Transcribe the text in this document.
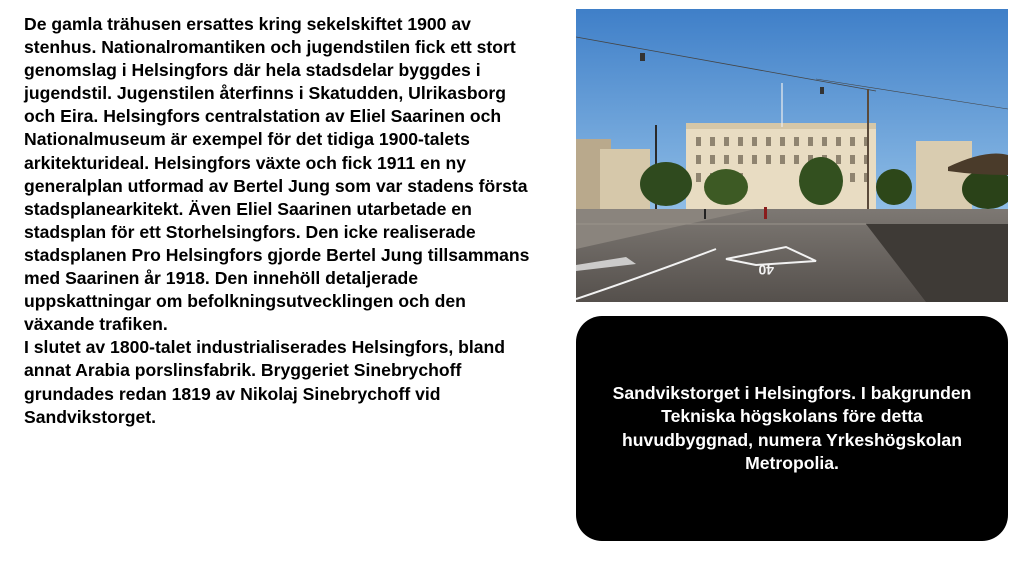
De gamla trähusen ersattes kring sekelskiftet 1900 av stenhus. Nationalromantiken och jugendstilen fick ett stort genomslag i Helsingfors där hela stadsdelar byggdes i jugendstil. Jugenstilen återfinns i Skatudden, Ulrikasborg och Eira. Helsingfors centralstation av Eliel Saarinen och Nationalmuseum är exempel för det tidiga 1900-talets arkitekturideal. Helsingfors växte och fick 1911 en ny generalplan utformad av Bertel Jung som var stadens första stadsplanearkitekt. Även Eliel Saarinen utarbetade en stadsplan för ett Storhelsingfors. Den icke realiserade stadsplanen Pro Helsingfors gjorde Bertel Jung tillsammans med Saarinen år 1918. Den innehöll detaljerade uppskattningar om befolkningsutvecklingen och den växande trafiken.

I slutet av 1800-talet industrialiserades Helsingfors, bland annat Arabia porslinsfabrik. Bryggeriet Sinebrychoff grundades redan 1819 av Nikolaj Sinebrychoff vid Sandvikstorget.

40
Sandvikstorget i Helsingfors. I bakgrunden Tekniska högskolans före detta huvudbyggnad, numera Yrkeshögskolan Metropolia.
